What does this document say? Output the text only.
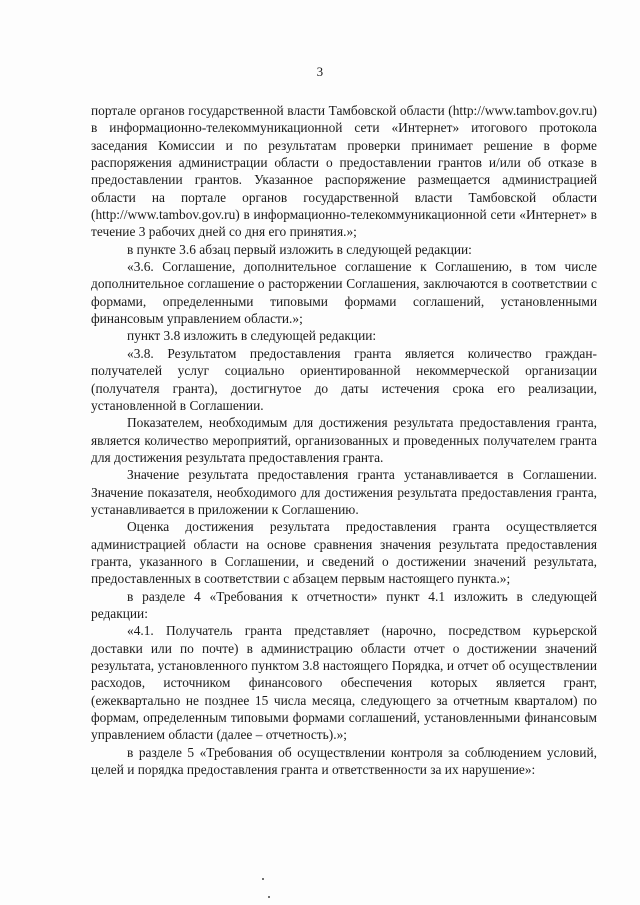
3

портале органов государственной власти Тамбовской области (http://www.tambov.gov.ru) в информационно-телекоммуникационной сети «Интернет» итогового протокола заседания Комиссии и по результатам проверки принимает решение в форме распоряжения администрации области о предоставлении грантов и/или об отказе в предоставлении грантов. Указанное распоряжение размещается администрацией области на портале органов государственной власти Тамбовской области (http://www.tambov.gov.ru) в информационно-телекоммуникационной сети «Интернет» в течение 3 рабочих дней со дня его принятия.»;

в пункте 3.6 абзац первый изложить в следующей редакции:

«3.6. Соглашение, дополнительное соглашение к Соглашению, в том числе дополнительное соглашение о расторжении Соглашения, заключаются в соответствии с формами, определенными типовыми формами соглашений, установленными финансовым управлением области.»;

пункт 3.8 изложить в следующей редакции:

«3.8. Результатом предоставления гранта является количество граждан-получателей услуг социально ориентированной некоммерческой организации (получателя гранта), достигнутое до даты истечения срока его реализации, установленной в Соглашении.

Показателем, необходимым для достижения результата предоставления гранта, является количество мероприятий, организованных и проведенных получателем гранта для достижения результата предоставления гранта.

Значение результата предоставления гранта устанавливается в Соглашении. Значение показателя, необходимого для достижения результата предоставления гранта, устанавливается в приложении к Соглашению.

Оценка достижения результата предоставления гранта осуществляется администрацией области на основе сравнения значения результата предоставления гранта, указанного в Соглашении, и сведений о достижении значений результата, предоставленных в соответствии с абзацем первым настоящего пункта.»;

в разделе 4 «Требования к отчетности» пункт 4.1 изложить в следующей редакции:

«4.1. Получатель гранта представляет (нарочно, посредством курьерской доставки или по почте) в администрацию области отчет о достижении значений результата, установленного пунктом 3.8 настоящего Порядка, и отчет об осуществлении расходов, источником финансового обеспечения которых является грант, (ежеквартально не позднее 15 числа месяца, следующего за отчетным кварталом) по формам, определенным типовыми формами соглашений, установленными финансовым управлением области (далее – отчетность).»;

в разделе 5 «Требования об осуществлении контроля за соблюдением условий, целей и порядка предоставления гранта и ответственности за их нарушение»:
